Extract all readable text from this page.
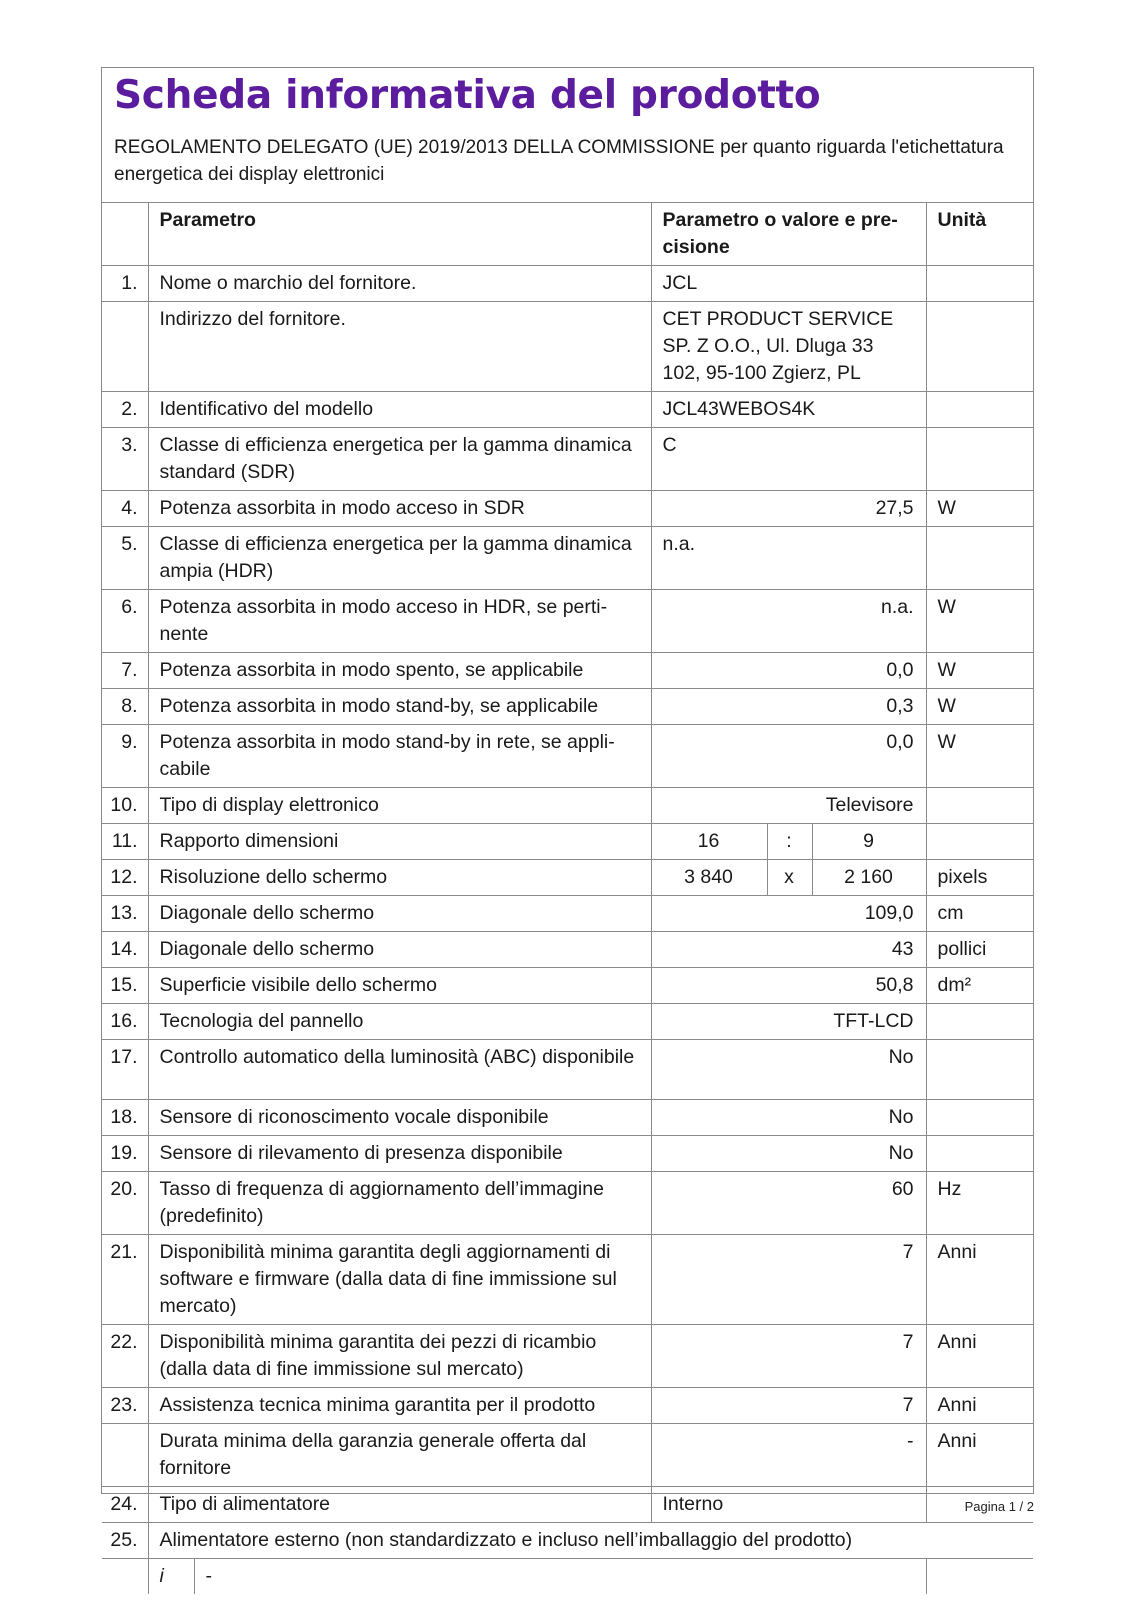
Scheda informativa del prodotto
REGOLAMENTO DELEGATO (UE) 2019/2013 DELLA COMMISSIONE per quanto riguarda l'etichettatura energetica dei display elettronici
	Parametro		Parametro o valore e precisione			Unità
1.	Nome o marchio del fornitore.		JCL			
	Indirizzo del fornitore.		CET PRODUCT SERVICE SP. Z O.O., Ul. Dluga 33 102, 95-100 Zgierz, PL			
2.	Identificativo del modello		JCL43WEBOS4K			
3.	Classe di efficienza energetica per la gamma dinamica standard (SDR)		C			
4.	Potenza assorbita in modo acceso in SDR		27,5			W
5.	Classe di efficienza energetica per la gamma dinamica ampia (HDR)		n.a.			
6.	Potenza assorbita in modo acceso in HDR, se pertinente		n.a.			W
7.	Potenza assorbita in modo spento, se applicabile		0,0			W
8.	Potenza assorbita in modo stand-by, se applicabile		0,3			W
9.	Potenza assorbita in modo stand-by in rete, se applicabile		0,0			W
10.	Tipo di display elettronico		Televisore			
11.	Rapporto dimensioni		16	:	9	
12.	Risoluzione dello schermo		3 840	x	2 160	pixels
13.	Diagonale dello schermo		109,0			cm
14.	Diagonale dello schermo		43			pollici
15.	Superficie visibile dello schermo		50,8			dm²
16.	Tecnologia del pannello		TFT-LCD			
17.	Controllo automatico della luminosità (ABC) disponibile		No			
18.	Sensore di riconoscimento vocale disponibile		No			
19.	Sensore di rilevamento di presenza disponibile		No			
20.	Tasso di frequenza di aggiornamento dell’immagine (predefinito)		60			Hz
21.	Disponibilità minima garantita degli aggiornamenti di software e firmware (dalla data di fine immissione sul mercato)		7			Anni
22.	Disponibilità minima garantita dei pezzi di ricambio (dalla data di fine immissione sul mercato)		7			Anni
23.	Assistenza tecnica minima garantita per il prodotto		7			Anni
	Durata minima della garanzia generale offerta dal fornitore		-			Anni
24.	Tipo di alimentatore		Interno			
25.	Alimentatore esterno (non standardizzato e incluso nell’imballaggio del prodotto)					
	i	-				
Pagina 1 / 2
